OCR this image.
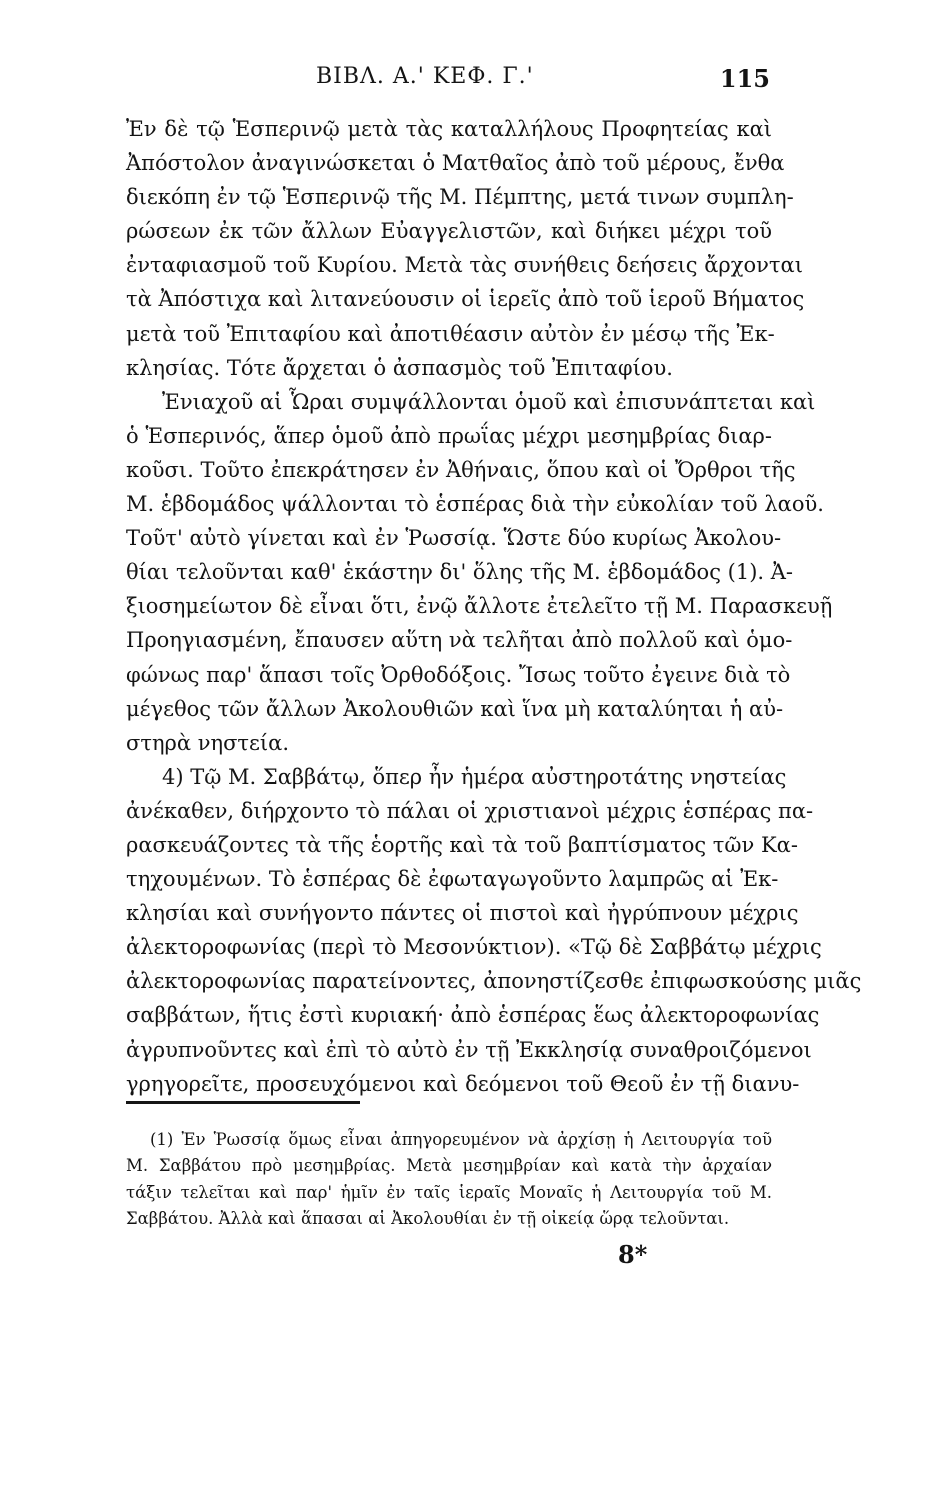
ΒΙΒΛ. Α.' ΚΕΦ. Γ.'	115
Ἐν δὲ τῷ Ἑσπερινῷ μετὰ τὰς καταλλήλους Προφητείας καὶ
Ἀπόστολον ἀναγινώσκεται ὁ Ματθαῖος ἀπὸ τοῦ μέρους, ἔνθα
διεκόπη ἐν τῷ Ἑσπερινῷ τῆς Μ. Πέμπτης, μετά τινων συμπλη-
ρώσεων ἐκ τῶν ἄλλων Εὐαγγελιστῶν, καὶ διήκει μέχρι τοῦ
ἐνταφιασμοῦ τοῦ Κυρίου. Μετὰ τὰς συνήθεις δεήσεις ἄρχονται
τὰ Ἀπόστιχα καὶ λιτανεύουσιν οἱ ἱερεῖς ἀπὸ τοῦ ἱεροῦ Βήματος
μετὰ τοῦ Ἐπιταφίου καὶ ἀποτιθέασιν αὐτὸν ἐν μέσῳ τῆς Ἐκ-
κλησίας. Τότε ἄρχεται ὁ ἀσπασμὸς τοῦ Ἐπιταφίου.
Ἐνιαχοῦ αἱ Ὧραι συμψάλλονται ὁμοῦ καὶ ἐπισυνάπτεται καὶ
ὁ Ἑσπερινός, ἅπερ ὁμοῦ ἀπὸ πρωΐας μέχρι μεσημβρίας διαρ-
κοῦσι. Τοῦτο ἐπεκράτησεν ἐν Ἀθήναις, ὅπου καὶ οἱ Ὄρθροι τῆς
Μ. ἑβδομάδος ψάλλονται τὸ ἑσπέρας διὰ τὴν εὐκολίαν τοῦ λαοῦ.
Τοῦτ' αὐτὸ γίνεται καὶ ἐν Ῥωσσίᾳ. Ὥστε δύο κυρίως Ἀκολου-
θίαι τελοῦνται καθ' ἑκάστην δι' ὅλης τῆς Μ. ἑβδομάδος (1). Ἀ-
ξιοσημείωτον δὲ εἶναι ὅτι, ἐνῷ ἄλλοτε ἐτελεῖτο τῇ Μ. Παρασκευῇ
Προηγιασμένη, ἔπαυσεν αὕτη νὰ τελῆται ἀπὸ πολλοῦ καὶ ὁμο-
φώνως παρ' ἅπασι τοῖς Ὀρθοδόξοις. Ἴσως τοῦτο ἐγεινε διὰ τὸ
μέγεθος τῶν ἄλλων Ἀκολουθιῶν καὶ ἵνα μὴ καταλύηται ἡ αὐ-
στηρὰ νηστεία.
4) Τῷ Μ. Σαββάτῳ, ὅπερ ἦν ἡμέρα αὐστηροτάτης νηστείας
ἀνέκαθεν, διήρχοντο τὸ πάλαι οἱ χριστιανοὶ μέχρις ἑσπέρας πα-
ρασκευάζοντες τὰ τῆς ἑορτῆς καὶ τὰ τοῦ βαπτίσματος τῶν Κα-
τηχουμένων. Τὸ ἑσπέρας δὲ ἐφωταγωγοῦντο λαμπρῶς αἱ Ἐκ-
κλησίαι καὶ συνήγοντο πάντες οἱ πιστοὶ καὶ ἠγρύπνουν μέχρις
ἀλεκτοροφωνίας (περὶ τὸ Μεσονύκτιον). «Τῷ δὲ Σαββάτῳ μέχρις
ἀλεκτοροφωνίας παρατείνοντες, ἀπονηστίζεσθε ἐπιφωσκούσης μιᾶς
σαββάτων, ἥτις ἐστὶ κυριακή· ἀπὸ ἑσπέρας ἕως ἀλεκτοροφωνίας
ἀγρυπνοῦντες καὶ ἐπὶ τὸ αὐτὸ ἐν τῇ Ἐκκλησίᾳ συναθροιζόμενοι
γρηγορεῖτε, προσευχόμενοι καὶ δεόμενοι τοῦ Θεοῦ ἐν τῇ διανυ-
(1) Ἐν Ῥωσσίᾳ ὅμως εἶναι ἀπηγορευμένον νὰ ἀρχίσῃ ἡ Λειτουργία τοῦ
Μ. Σαββάτου πρὸ μεσημβρίας. Μετὰ μεσημβρίαν καὶ κατὰ τὴν ἀρχαίαν
τάξιν τελεῖται καὶ παρ' ἡμῖν ἐν ταῖς ἱεραῖς Μοναῖς ἡ Λειτουργία τοῦ Μ.
Σαββάτου. Ἀλλὰ καὶ ἅπασαι αἱ Ἀκολουθίαι ἐν τῇ οἰκείᾳ ὥρᾳ τελοῦνται.
8*
